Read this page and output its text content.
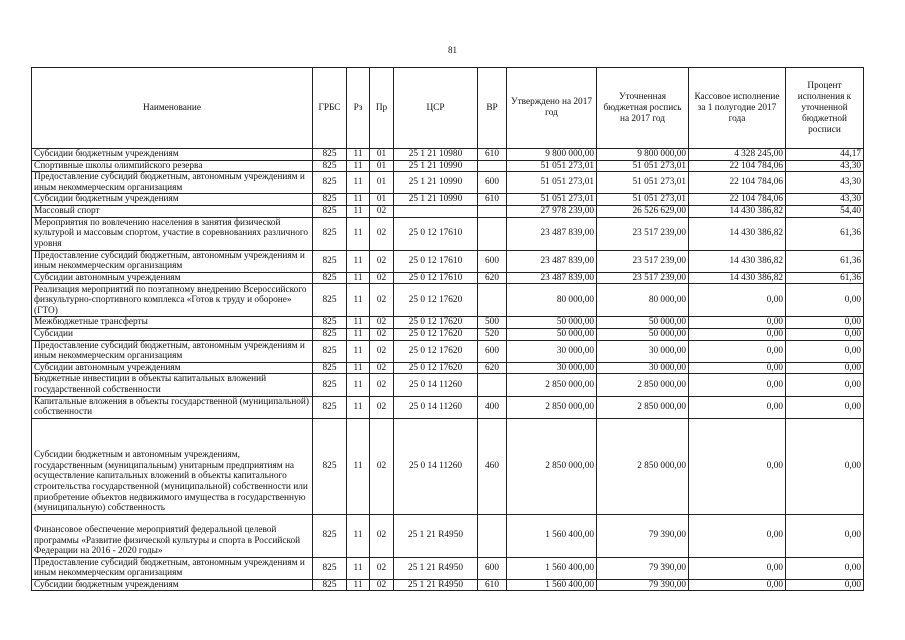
81
Наименование	ГРБС	Рз	Пр	ЦСР	ВР	Утверждено на 2017 год	Уточненная бюджетная роспись на 2017 год	Кассовое исполнение за 1 полугодие 2017 года	Процент исполнения к уточненной бюджетной росписи
Субсидии бюджетным учреждениям	825	11	01	25 1 21 10980	610	9 800 000,00	9 800 000,00	4 328 245,00	44,17
Спортивные школы олимпийского резерва	825	11	01	25 1 21 10990		51 051 273,01	51 051 273,01	22 104 784,06	43,30
Предоставление субсидий бюджетным, автономным учреждениям и иным некоммерческим организациям	825	11	01	25 1 21 10990	600	51 051 273,01	51 051 273,01	22 104 784,06	43,30
Субсидии бюджетным учреждениям	825	11	01	25 1 21 10990	610	51 051 273,01	51 051 273,01	22 104 784,06	43,30
Массовый спорт	825	11	02			27 978 239,00	26 526 629,00	14 430 386,82	54,40
Мероприятия по вовлечению населения в занятия физической культурой и массовым спортом, участие в соревнованиях различного уровня	825	11	02	25 0 12 17610		23 487 839,00	23 517 239,00	14 430 386,82	61,36
Предоставление субсидий бюджетным, автономным учреждениям и иным некоммерческим организациям	825	11	02	25 0 12 17610	600	23 487 839,00	23 517 239,00	14 430 386,82	61,36
Субсидии автономным учреждениям	825	11	02	25 0 12 17610	620	23 487 839,00	23 517 239,00	14 430 386,82	61,36
Реализация мероприятий по поэтапному внедрению Всероссийского физкультурно-спортивного комплекса «Готов к труду и обороне» (ГТО)	825	11	02	25 0 12 17620		80 000,00	80 000,00	0,00	0,00
Межбюджетные трансферты	825	11	02	25 0 12 17620	500	50 000,00	50 000,00	0,00	0,00
Субсидии	825	11	02	25 0 12 17620	520	50 000,00	50 000,00	0,00	0,00
Предоставление субсидий бюджетным, автономным учреждениям и иным некоммерческим организациям	825	11	02	25 0 12 17620	600	30 000,00	30 000,00	0,00	0,00
Субсидии автономным учреждениям	825	11	02	25 0 12 17620	620	30 000,00	30 000,00	0,00	0,00
Бюджетные инвестиции в объекты капитальных вложений государственной собственности	825	11	02	25 0 14 11260		2 850 000,00	2 850 000,00	0,00	0,00
Капитальные вложения в объекты государственной (муниципальной) собственности	825	11	02	25 0 14 11260	400	2 850 000,00	2 850 000,00	0,00	0,00
Субсидии бюджетным и автономным учреждениям, государственным (муниципальным) унитарным предприятиям на осуществление капитальных вложений в объекты капитального строительства государственной (муниципальной) собственности или приобретение объектов недвижимого имущества в государственную (муниципальную) собственность	825	11	02	25 0 14 11260	460	2 850 000,00	2 850 000,00	0,00	0,00
Финансовое обеспечение мероприятий федеральной целевой программы «Развитие физической культуры и спорта в Российской Федерации на 2016 - 2020 годы»	825	11	02	25 1 21 R4950		1 560 400,00	79 390,00	0,00	0,00
Предоставление субсидий бюджетным, автономным учреждениям и иным некоммерческим организациям	825	11	02	25 1 21 R4950	600	1 560 400,00	79 390,00	0,00	0,00
Субсидии бюджетным учреждениям	825	11	02	25 1 21 R4950	610	1 560 400,00	79 390,00	0,00	0,00
